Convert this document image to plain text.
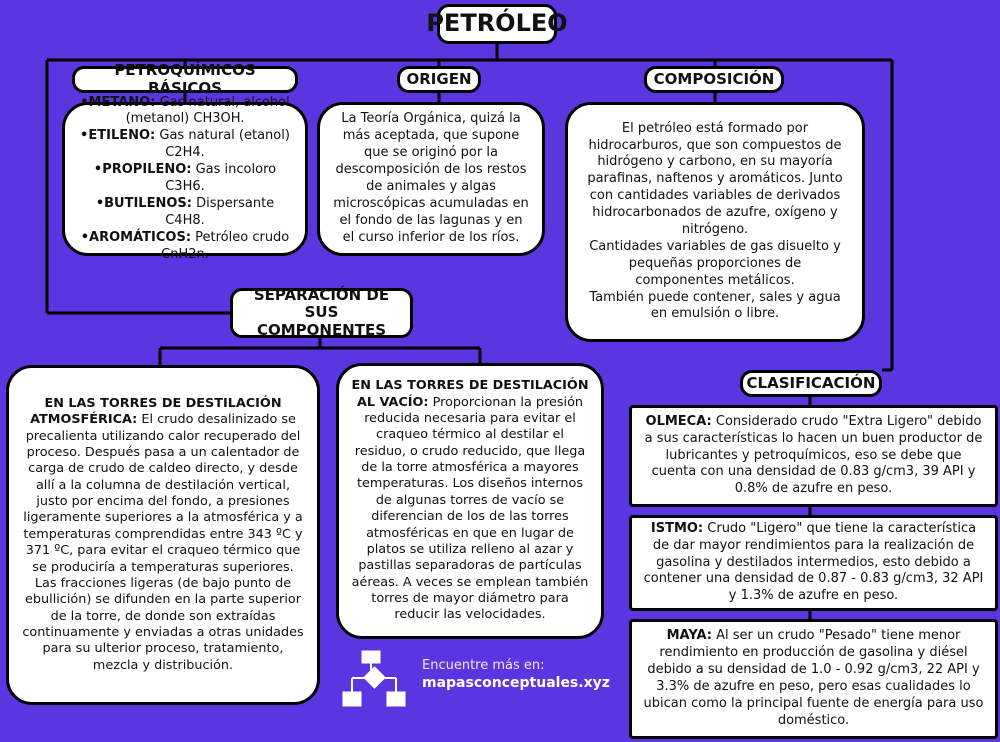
PETRÓLEO
PETROQUÍMICOS BÁSICOS

•METANO: Gas natural, alcohol (metanol) CH3OH.

•ETILENO: Gas natural (etanol) C2H4.

•PROPILENO: Gas incoloro C3H6.

•BUTILENOS: Dispersante C4H8.

•AROMÁTICOS: Petróleo crudo CnH2n.

ORIGEN

La Teoría Orgánica, quizá la más aceptada, que supone que se originó por la descomposición de los restos de animales y algas microscópicas acumuladas en el fondo de las lagunas y en el curso inferior de los ríos.

COMPOSICIÓN

El petróleo está formado por hidrocarburos, que son compuestos de hidrógeno y carbono, en su mayoría parafinas, naftenos y aromáticos. Junto con cantidades variables de derivados hidrocarbonados de azufre, oxígeno y nitrógeno.

Cantidades variables de gas disuelto y pequeñas proporciones de componentes metálicos.

También puede contener, sales y agua en emulsión o libre.

SEPARACIÓN DE SUS COMPONENTES

EN LAS TORRES DE DESTILACIÓN ATMOSFÉRICA: El crudo desalinizado se precalienta utilizando calor recuperado del proceso. Después pasa a un calentador de carga de crudo de caldeo directo, y desde allí a la columna de destilación vertical, justo por encima del fondo, a presiones ligeramente superiores a la atmosférica y a temperaturas comprendidas entre 343 ºC y 371 ºC, para evitar el craqueo térmico que se produciría a temperaturas superiores. Las fracciones ligeras (de bajo punto de ebullición) se difunden en la parte superior de la torre, de donde son extraídas continuamente y enviadas a otras unidades para su ulterior proceso, tratamiento, mezcla y distribución.

EN LAS TORRES DE DESTILACIÓN AL VACÍO: Proporcionan la presión reducida necesaria para evitar el craqueo térmico al destilar el residuo, o crudo reducido, que llega de la torre atmosférica a mayores temperaturas. Los diseños internos de algunas torres de vacío se diferencian de los de las torres atmosféricas en que en lugar de platos se utiliza relleno al azar y pastillas separadoras de partículas aéreas. A veces se emplean también torres de mayor diámetro para reducir las velocidades.

CLASIFICACIÓN

OLMECA: Considerado crudo "Extra Ligero" debido a sus características lo hacen un buen productor de lubricantes y petroquímicos, eso se debe que cuenta con una densidad de 0.83 g/cm3, 39 API y 0.8% de azufre en peso.

ISTMO: Crudo "Ligero" que tiene la característica de dar mayor rendimientos para la realización de gasolina y destilados intermedios, esto debido a contener una densidad de 0.87 - 0.83 g/cm3, 32 API y 1.3% de azufre en peso.

MAYA: Al ser un crudo "Pesado" tiene menor rendimiento en producción de gasolina y diésel debido a su densidad de 1.0 - 0.92 g/cm3, 22 API y 3.3% de azufre en peso, pero esas cualidades lo ubican como la principal fuente de energía para uso doméstico.

Encuentre más en:
mapasconceptuales.xyz
